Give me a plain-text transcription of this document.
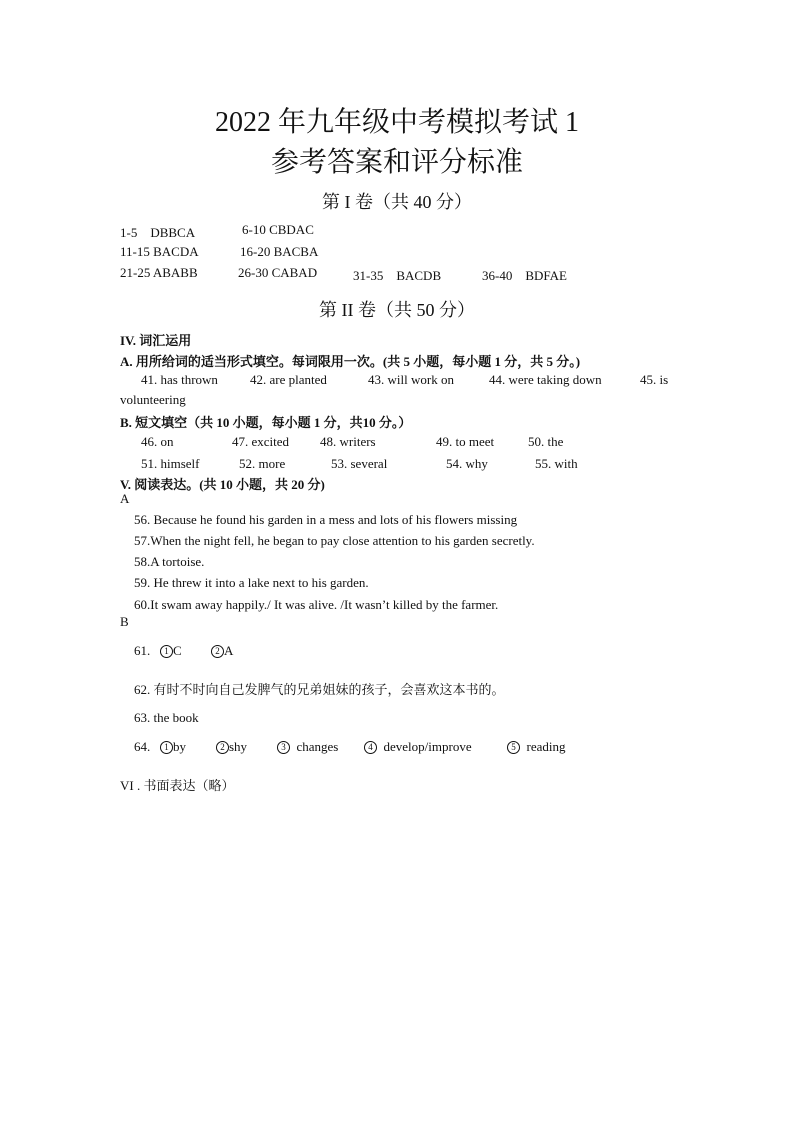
2022 年九年级中考模拟考试 1
参考答案和评分标准
第 I 卷（共 40 分）
1-5　DBBCA	6-10 CBDAC
11-15 BACDA	16-20 BACBA
21-25 ABABB	26-30 CABAD	31-35　BACDB	36-40　BDFAE
第 II 卷（共 50 分）
IV. 词汇运用
A. 用所给词的适当形式填空。每词限用一次。(共 5 小题，每小题 1 分，共 5 分。)
41. has thrown 42. are planted	43. will work on	44. were taking down	45. is
volunteering
B. 短文填空（共 10 小题，每小题 1 分，共10 分。）
46. on	47. excited 48. writers	49. to meet	50. the
51. himself	52. more	53. several	54. why	55. with
V. 阅读表达。(共 10 小题，共 20 分)
A
56. Because he found his garden in a mess and lots of his flowers missing
57.When the night fell, he began to pay close attention to his garden secretly.
58.A tortoise.
59. He threw it into a lake next to his garden.
60.It swam away happily./ It was alive. /It wasn’t killed by the farmer.
B
61.	1 C	2 A
62. 有时不时向自己发脾气的兄弟姐妹的孩子，会喜欢这本书的。
63. the book
64.	1 by	2 shy	3 changes	4 develop/improve	5 reading
VI . 书面表达（略）
